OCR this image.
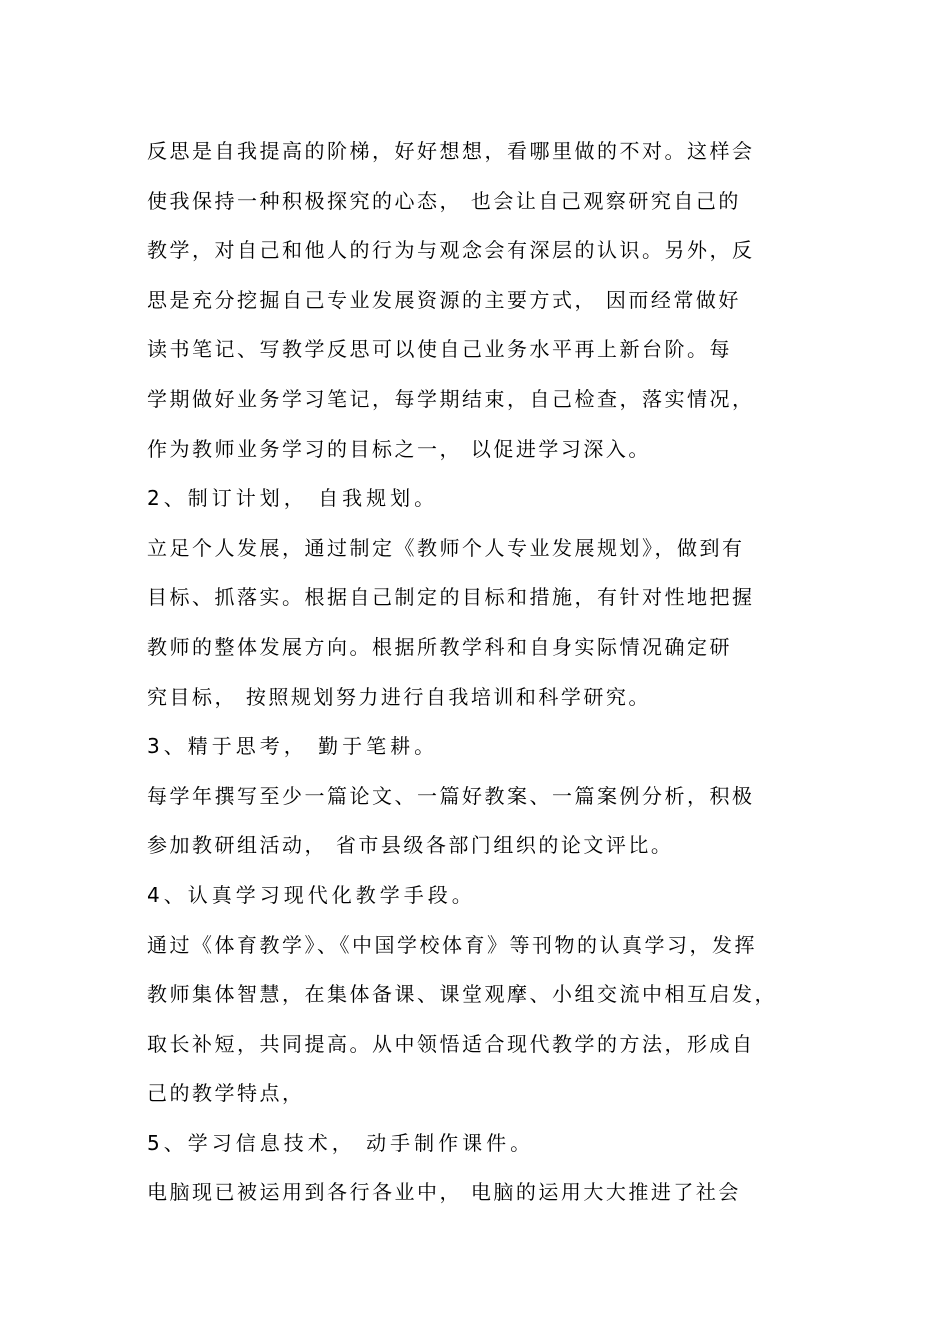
反思是自我提高的阶梯，好好想想，看哪里做的不对。这样会
使我保持一种积极探究的心态， 也会让自己观察研究自己的
教学，对自己和他人的行为与观念会有深层的认识。另外，反
思是充分挖掘自己专业发展资源的主要方式， 因而经常做好
读书笔记、写教学反思可以使自己业务水平再上新台阶。每
学期做好业务学习笔记，每学期结束，自己检查，落实情况，
作为教师业务学习的目标之一， 以促进学习深入。
2、制订计划， 自我规划。
立足个人发展，通过制定《教师个人专业发展规划》，做到有
目标、抓落实。根据自己制定的目标和措施，有针对性地把握
教师的整体发展方向。根据所教学科和自身实际情况确定研
究目标， 按照规划努力进行自我培训和科学研究。
3、精于思考， 勤于笔耕。
每学年撰写至少一篇论文、一篇好教案、一篇案例分析，积极
参加教研组活动， 省市县级各部门组织的论文评比。
4、认真学习现代化教学手段。
通过《体育教学》、《中国学校体育》等刊物的认真学习，发挥
教师集体智慧，在集体备课、课堂观摩、小组交流中相互启发，
取长补短，共同提高。从中领悟适合现代教学的方法，形成自
己的教学特点，
5、学习信息技术， 动手制作课件。
电脑现已被运用到各行各业中， 电脑的运用大大推进了社会
